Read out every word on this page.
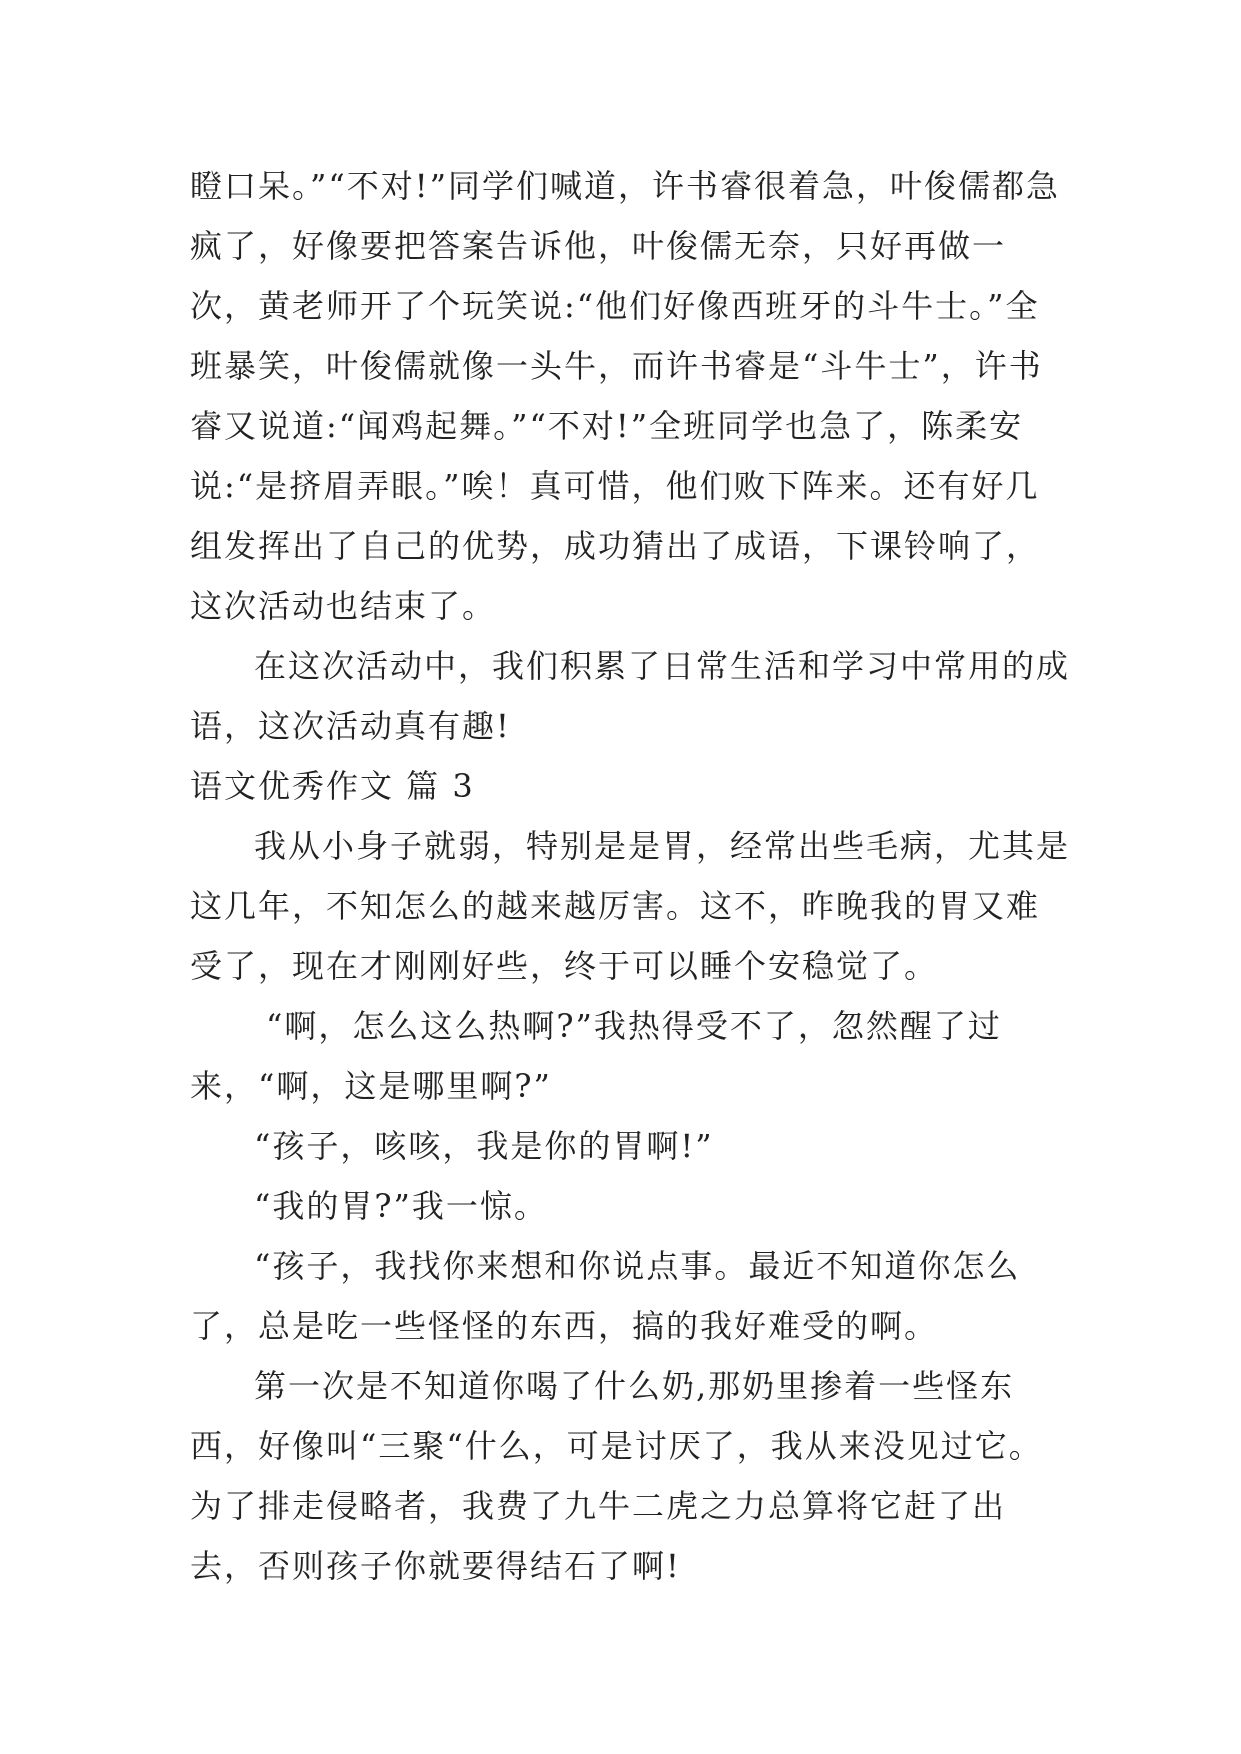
瞪口呆。”“不对!”同学们喊道，许书睿很着急，叶俊儒都急疯了，好像要把答案告诉他，叶俊儒无奈，只好再做一次，黄老师开了个玩笑说:“他们好像西班牙的斗牛士。”全班暴笑，叶俊儒就像一头牛，而许书睿是“斗牛士”，许书睿又说道:“闻鸡起舞。”“不对!”全班同学也急了，陈柔安说:“是挤眉弄眼。”唉！真可惜，他们败下阵来。还有好几组发挥出了自己的优势，成功猜出了成语，下课铃响了，这次活动也结束了。

在这次活动中，我们积累了日常生活和学习中常用的成语，这次活动真有趣!

语文优秀作文 篇 3

我从小身子就弱，特别是是胃，经常出些毛病，尤其是这几年，不知怎么的越来越厉害。这不，昨晚我的胃又难受了，现在才刚刚好些，终于可以睡个安稳觉了。

“啊，怎么这么热啊?”我热得受不了，忽然醒了过来，“啊，这是哪里啊?”

“孩子，咳咳，我是你的胃啊!”

“我的胃?”我一惊。

“孩子，我找你来想和你说点事。最近不知道你怎么了，总是吃一些怪怪的东西，搞的我好难受的啊。

第一次是不知道你喝了什么奶,那奶里掺着一些怪东西，好像叫“三聚“什么，可是讨厌了，我从来没见过它。为了排走侵略者，我费了九牛二虎之力总算将它赶了出去，否则孩子你就要得结石了啊!
